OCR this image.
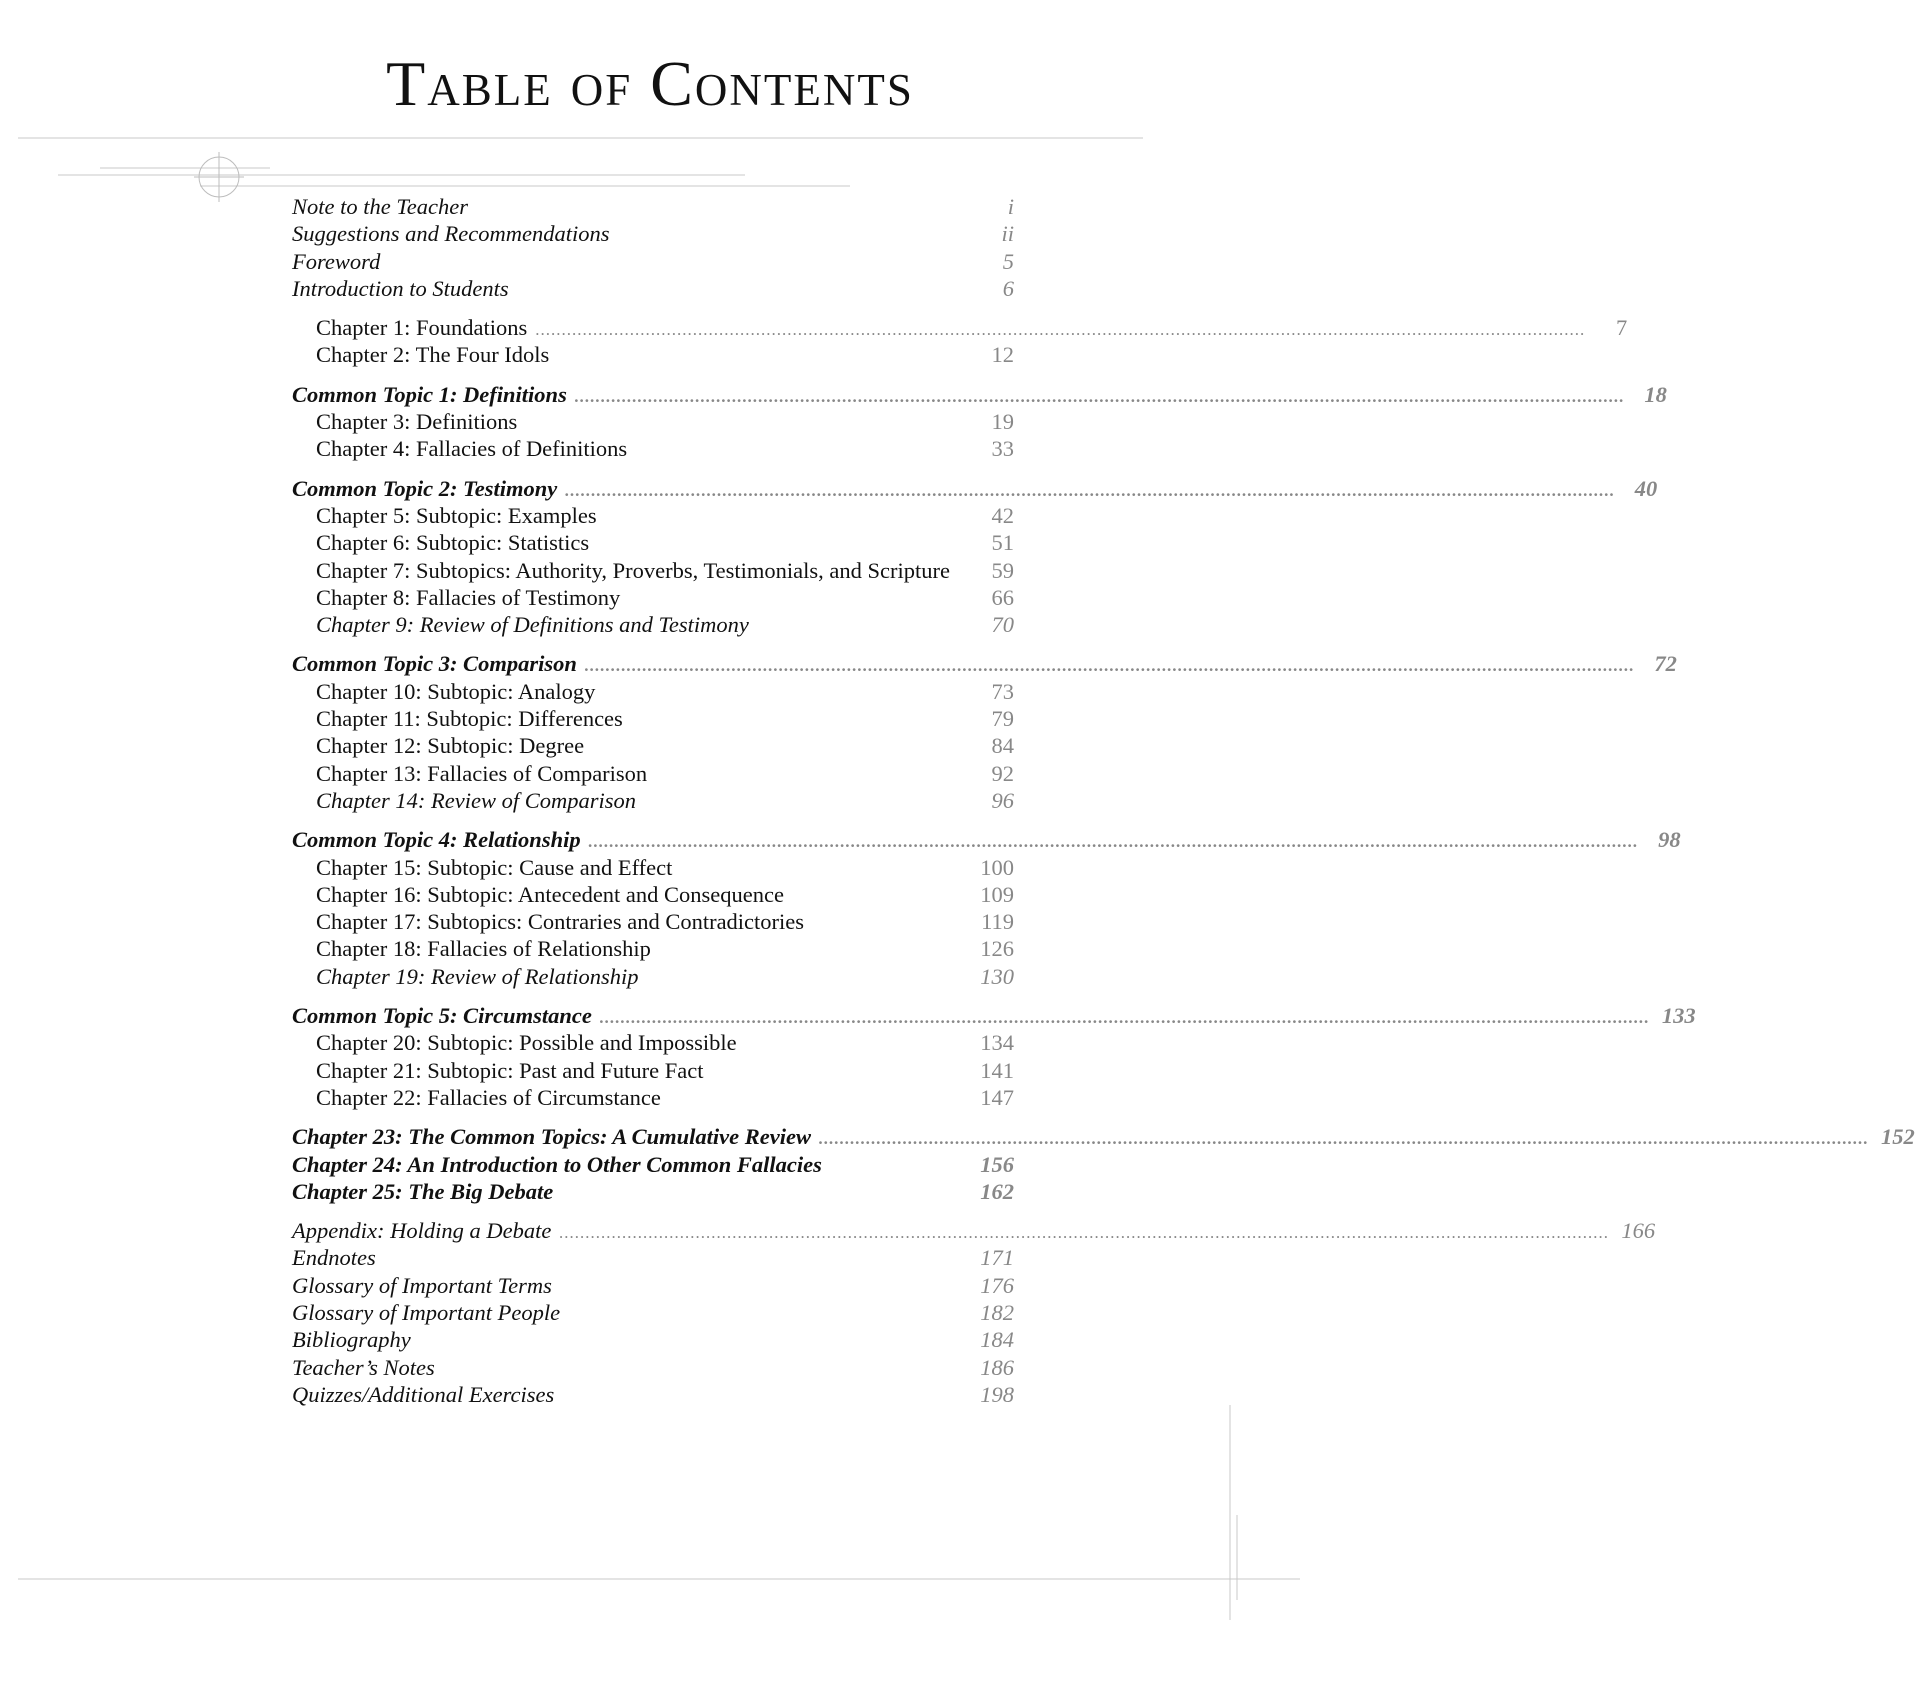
Table of Contents
Note to the Teacher	i
Suggestions and Recommendations	ii
Foreword	5
Introduction to Students	6
Chapter 1: Foundations ........................................................................................................................................................................................................	7
Chapter 2: The Four Idols	12
Common Topic 1: Definitions ........................................................................................................................................................................................................ 18
Chapter 3: Definitions	19
Chapter 4: Fallacies of Definitions	33
Common Topic 2: Testimony ........................................................................................................................................................................................................ 40
Chapter 5: Subtopic: Examples	42
Chapter 6: Subtopic: Statistics	51
Chapter 7: Subtopics: Authority, Proverbs, Testimonials, and Scripture	59
Chapter 8: Fallacies of Testimony	66
Chapter 9: Review of Definitions and Testimony	70
Common Topic 3: Comparison ........................................................................................................................................................................................................ 72
Chapter 10: Subtopic: Analogy	73
Chapter 11: Subtopic: Differences	79
Chapter 12: Subtopic: Degree	84
Chapter 13: Fallacies of Comparison	92
Chapter 14: Review of Comparison	96
Common Topic 4: Relationship ........................................................................................................................................................................................................ 98
Chapter 15: Subtopic: Cause and Effect	100
Chapter 16: Subtopic: Antecedent and Consequence	109
Chapter 17: Subtopics: Contraries and Contradictories	119
Chapter 18: Fallacies of Relationship	126
Chapter 19: Review of Relationship	130
Common Topic 5: Circumstance ........................................................................................................................................................................................................ 133
Chapter 20: Subtopic: Possible and Impossible	134
Chapter 21: Subtopic: Past and Future Fact	141
Chapter 22: Fallacies of Circumstance	147
Chapter 23: The Common Topics: A Cumulative Review ........................................................................................................................................................................................................ 152
Chapter 24: An Introduction to Other Common Fallacies	156
Chapter 25: The Big Debate	162
Appendix: Holding a Debate ........................................................................................................................................................................................................ 166
Endnotes	171
Glossary of Important Terms	176
Glossary of Important People	182
Bibliography	184
Teacher’s Notes	186
Quizzes/Additional Exercises	198
